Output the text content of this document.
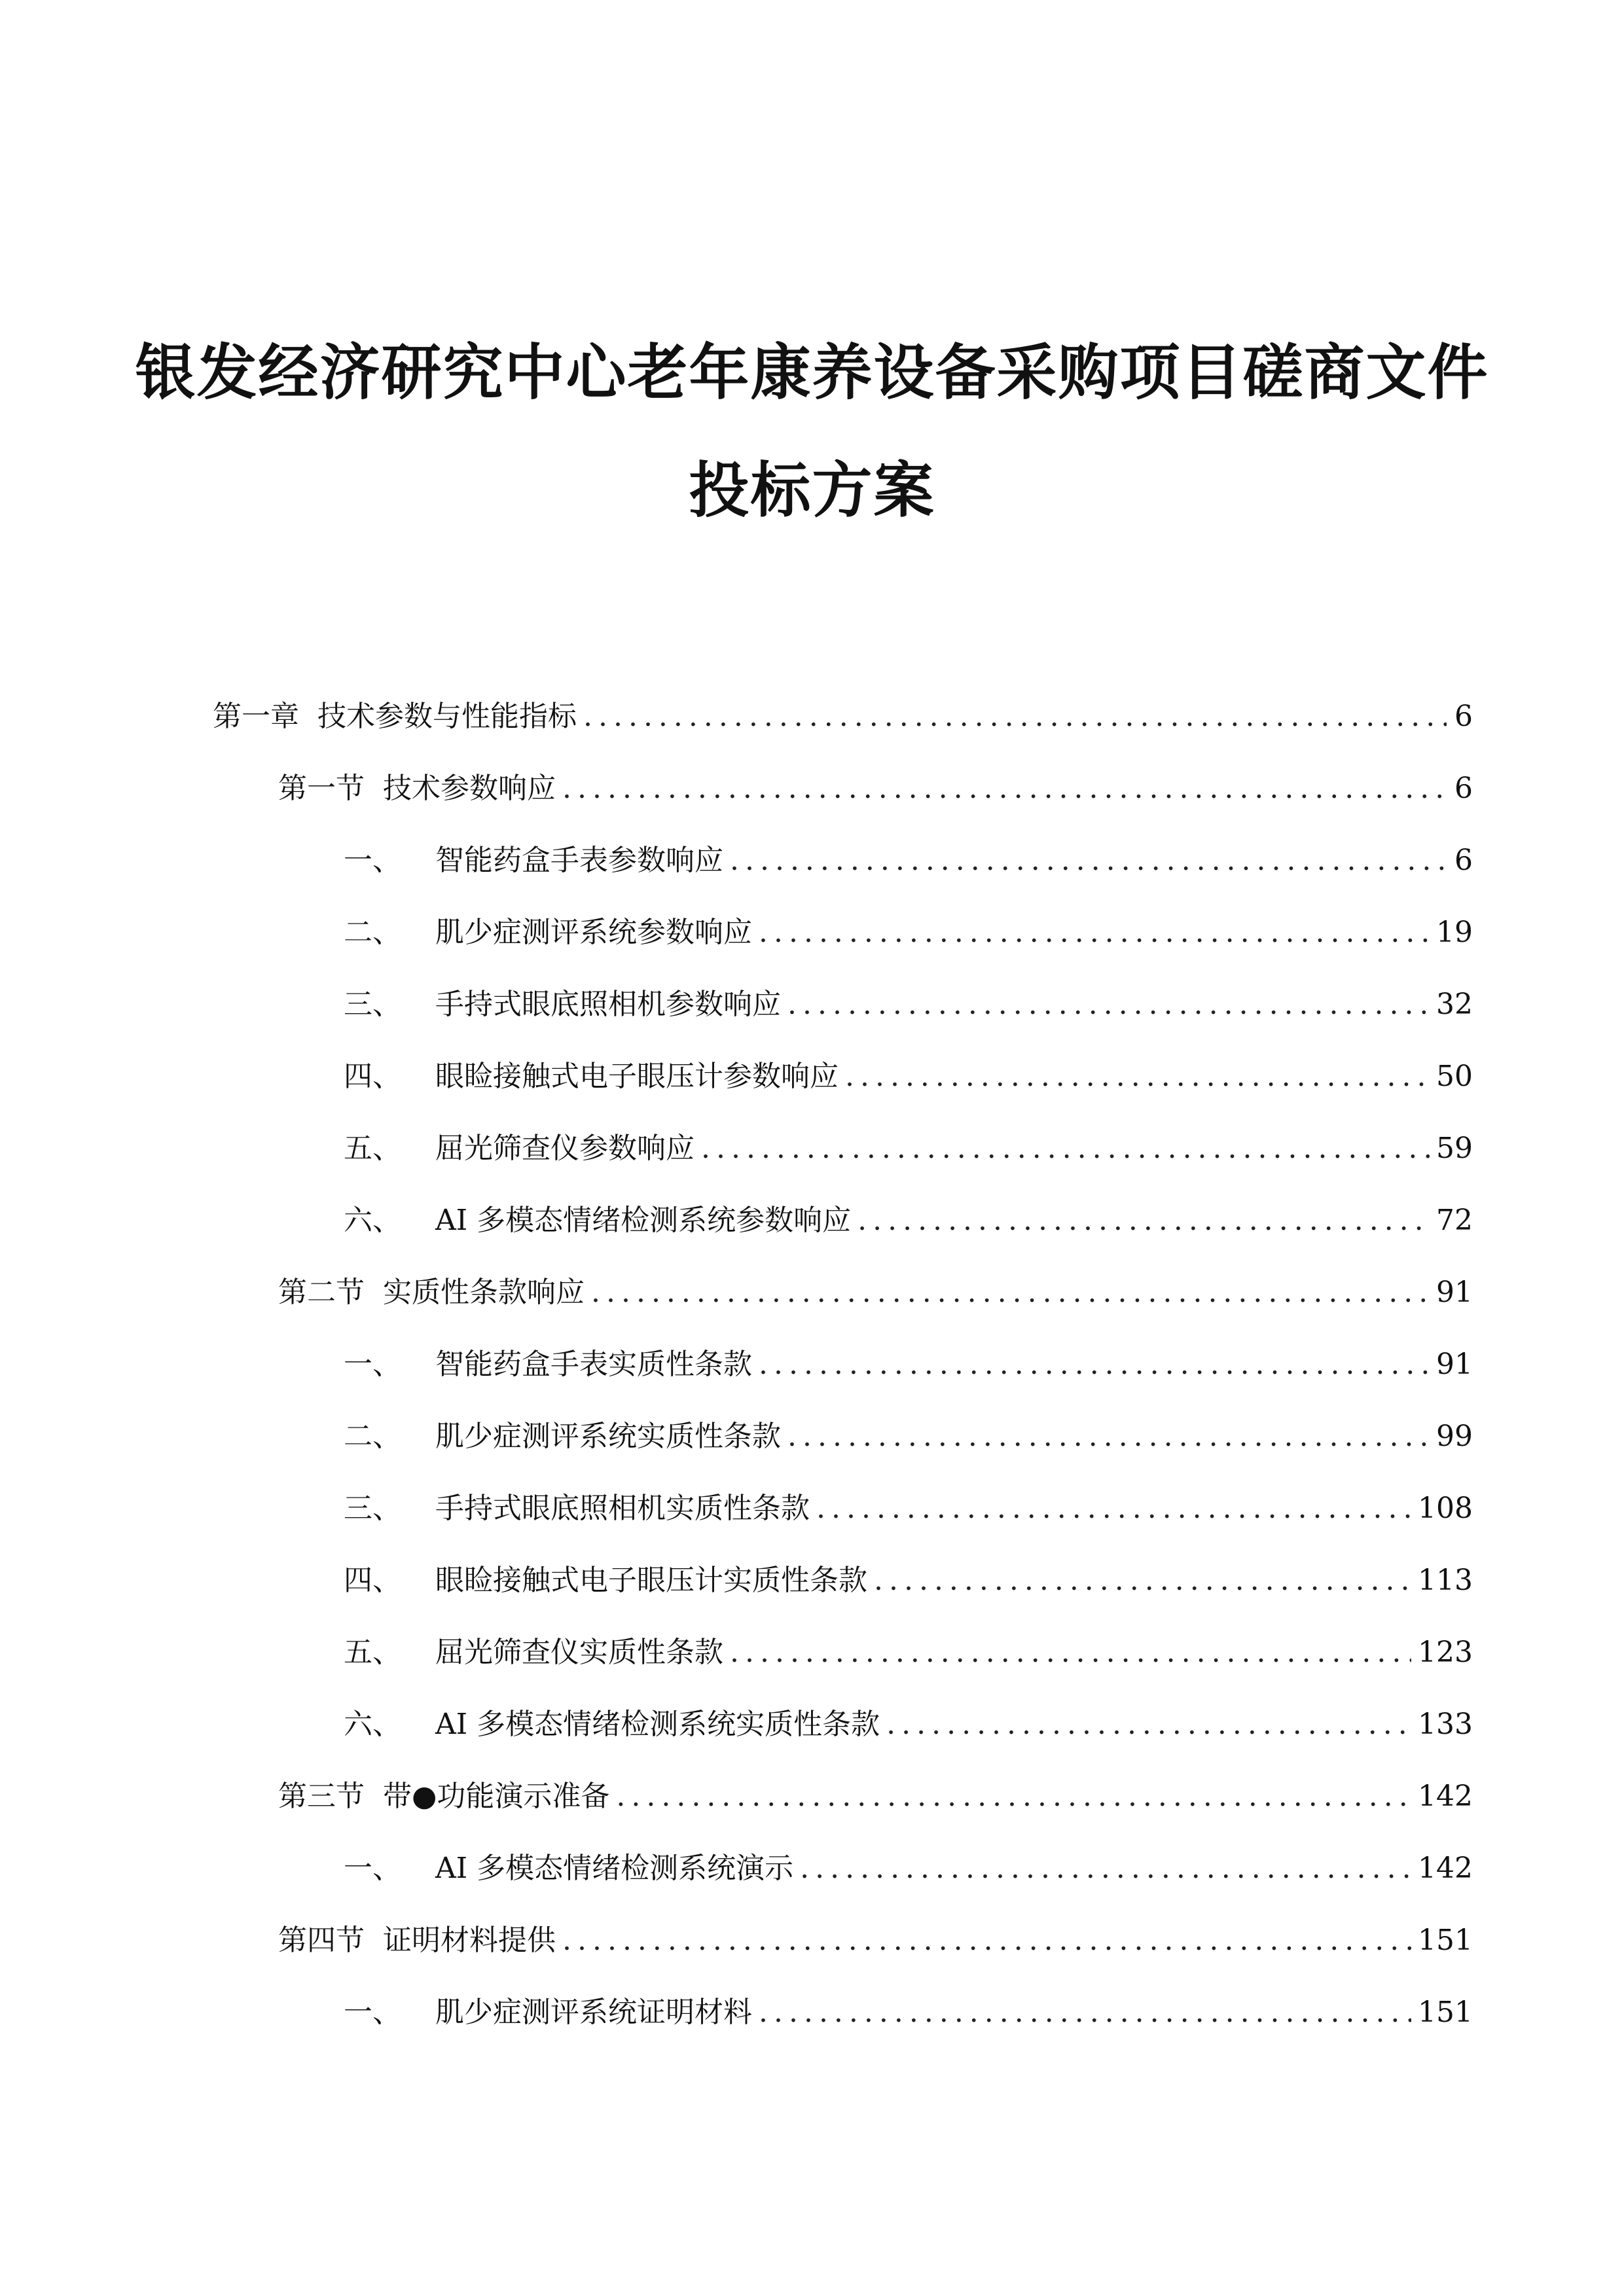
银发经济研究中心老年康养设备采购项目磋商文件
投标方案
第一章 技术参数与性能指标 .....	6
第一节 技术参数响应 .....	6
一、 智能药盒手表参数响应 .....	6
二、 肌少症测评系统参数响应 .....	19
三、 手持式眼底照相机参数响应 .....	32
四、 眼睑接触式电子眼压计参数响应 .....	50
五、 屈光筛查仪参数响应 .....	59
六、 AI 多模态情绪检测系统参数响应 .....	72
第二节 实质性条款响应 .....	91
一、 智能药盒手表实质性条款 .....	91
二、 肌少症测评系统实质性条款 .....	99
三、 手持式眼底照相机实质性条款 .....	108
四、 眼睑接触式电子眼压计实质性条款 .....	113
五、 屈光筛查仪实质性条款 .....	123
六、 AI 多模态情绪检测系统实质性条款 .....	133
第三节 带●功能演示准备 .....	142
一、 AI 多模态情绪检测系统演示 .....	142
第四节 证明材料提供 .....	151
一、 肌少症测评系统证明材料 .....	151
